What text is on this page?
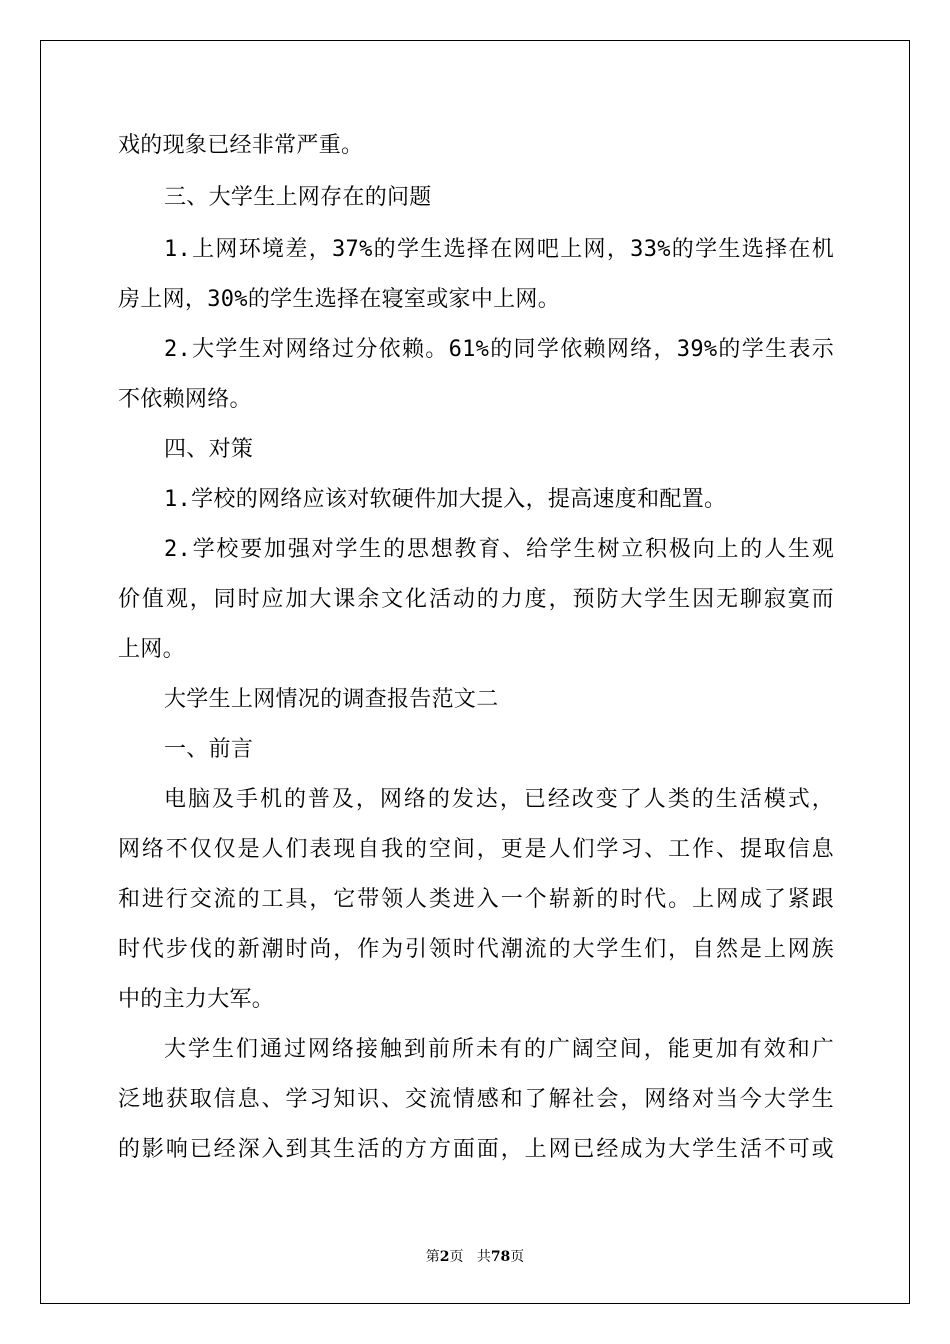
戏的现象已经非常严重。
三、大学生上网存在的问题
1.上网环境差，37%的学生选择在网吧上网，33%的学生选择在机
房上网，30%的学生选择在寝室或家中上网。
2.大学生对网络过分依赖。61%的同学依赖网络，39%的学生表示
不依赖网络。
四、对策
1.学校的网络应该对软硬件加大提入，提高速度和配置。
2.学校要加强对学生的思想教育、给学生树立积极向上的人生观
价值观，同时应加大课余文化活动的力度，预防大学生因无聊寂寞而
上网。
大学生上网情况的调查报告范文二
一、前言
电脑及手机的普及，网络的发达，已经改变了人类的生活模式，
网络不仅仅是人们表现自我的空间，更是人们学习、工作、提取信息
和进行交流的工具，它带领人类进入一个崭新的时代。上网成了紧跟
时代步伐的新潮时尚，作为引领时代潮流的大学生们，自然是上网族
中的主力大军。
大学生们通过网络接触到前所未有的广阔空间，能更加有效和广
泛地获取信息、学习知识、交流情感和了解社会，网络对当今大学生
的影响已经深入到其生活的方方面面，上网已经成为大学生活不可或
第2页 共78页
